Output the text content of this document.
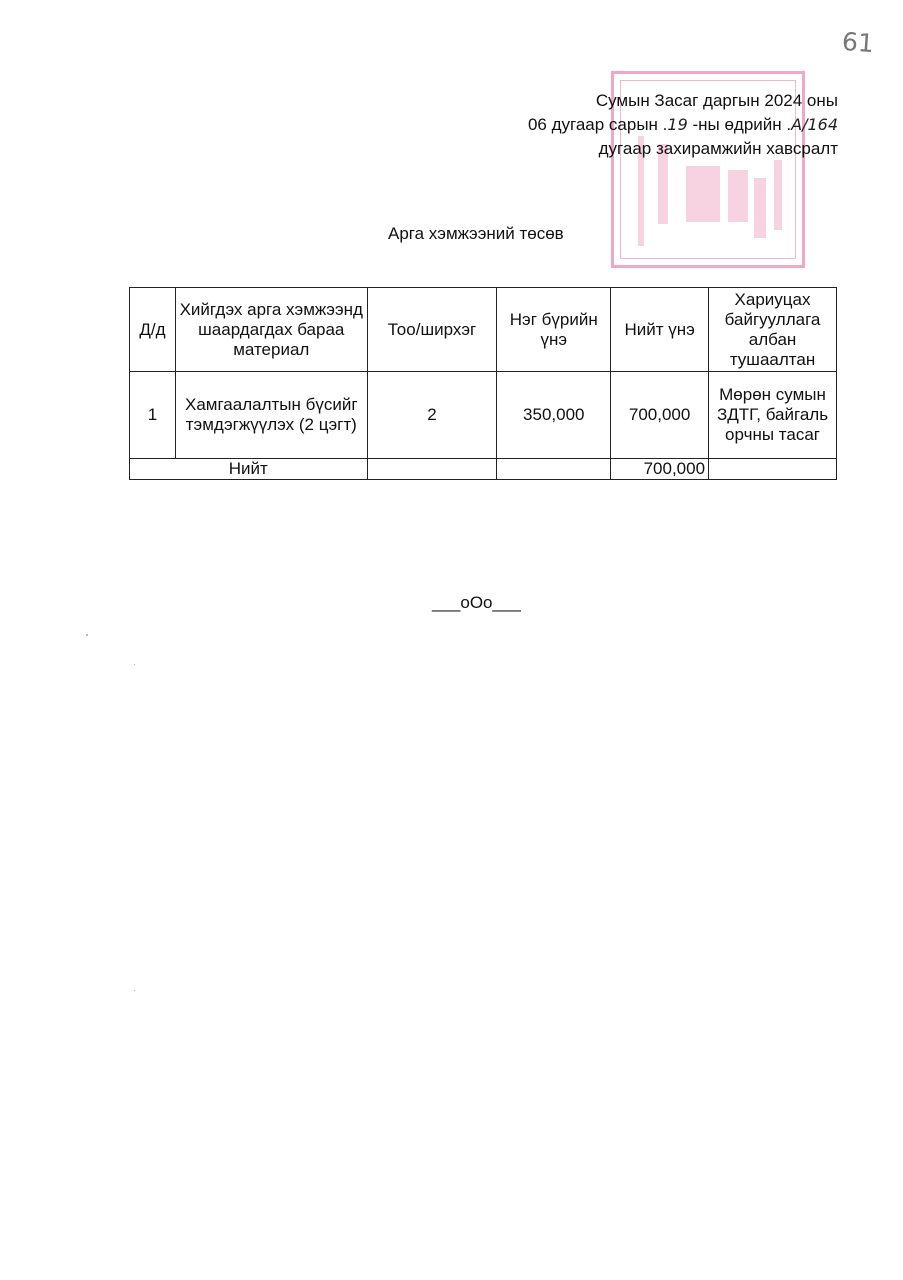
61
Сумын Засаг даргын 2024 оны
06 дугаар сарын .19 -ны өдрийн .А/164
дугаар захирамжийн хавсралт
Арга хэмжээний төсөв
Д/д	Хийгдэх арга хэмжээнд шаардагдах бараа материал	Тоо/ширхэг	Нэг бүрийн үнэ	Нийт үнэ	Хариуцах байгууллага албан тушаалтан
1	Хамгаалалтын бүсийг тэмдэгжүүлэх (2 цэгт)	2	350,000	700,000	Мөрөн сумын ЗДТГ, байгаль орчны тасаг
Нийт				700,000	
___oOo___
